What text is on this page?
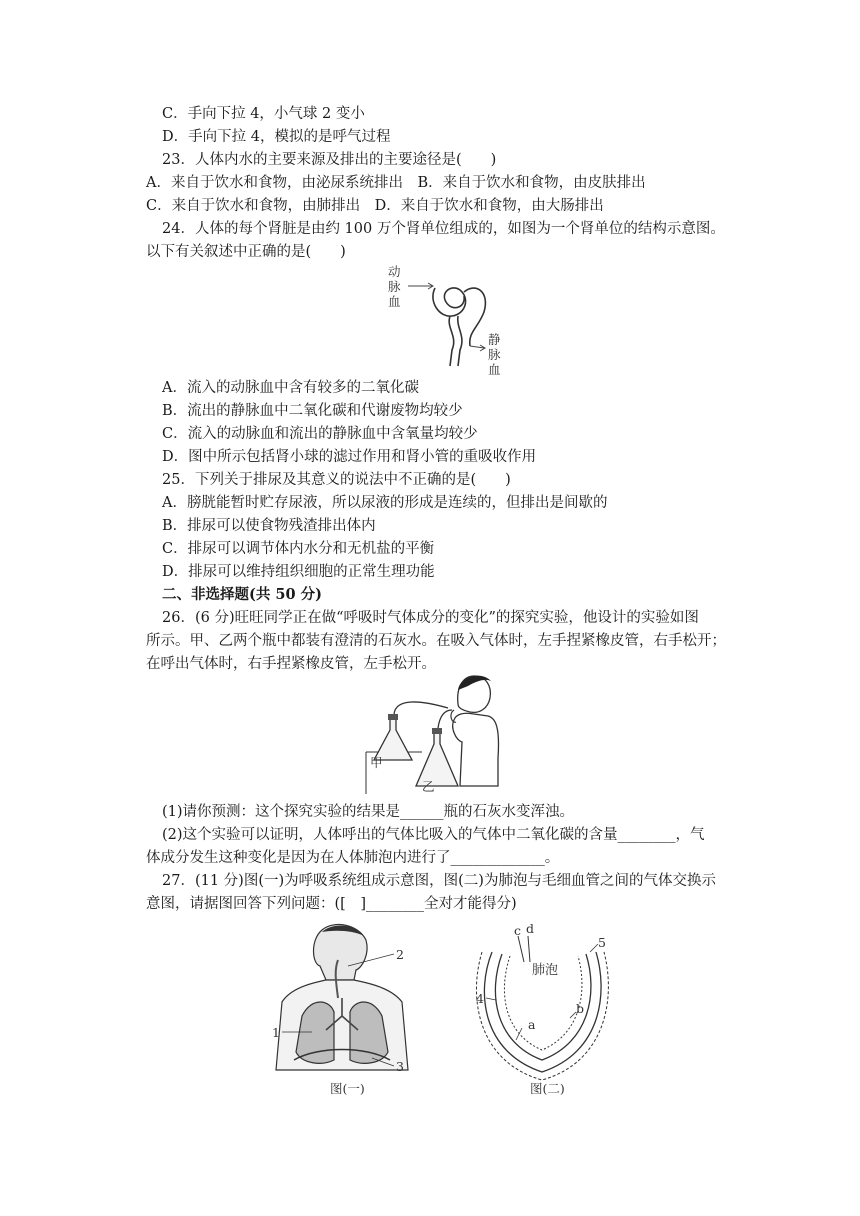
C．手向下拉 4，小气球 2 变小
D．手向下拉 4，模拟的是呼气过程
23．人体内水的主要来源及排出的主要途径是(　　)
A．来自于饮水和食物，由泌尿系统排出　B．来自于饮水和食物，由皮肤排出
C．来自于饮水和食物，由肺排出　D．来自于饮水和食物，由大肠排出
24．人体的每个肾脏是由约 100 万个肾单位组成的，如图为一个肾单位的结构示意图。
以下有关叙述中正确的是(　　)
动
脉
血
静
脉
血
A．流入的动脉血中含有较多的二氧化碳
B．流出的静脉血中二氧化碳和代谢废物均较少
C．流入的动脉血和流出的静脉血中含氧量均较少
D．图中所示包括肾小球的滤过作用和肾小管的重吸收作用
25．下列关于排尿及其意义的说法中不正确的是(　　)
A．膀胱能暂时贮存尿液，所以尿液的形成是连续的，但排出是间歇的
B．排尿可以使食物残渣排出体内
C．排尿可以调节体内水分和无机盐的平衡
D．排尿可以维持组织细胞的正常生理功能
二、非选择题(共 50 分)
26．(6 分)旺旺同学正在做“呼吸时气体成分的变化”的探究实验，他设计的实验如图
所示。甲、乙两个瓶中都装有澄清的石灰水。在吸入气体时，左手捏紧橡皮管，右手松开；
在呼出气体时，右手捏紧橡皮管，左手松开。
甲
乙
(1)请你预测：这个探究实验的结果是______瓶的石灰水变浑浊。
(2)这个实验可以证明，人体呼出的气体比吸入的气体中二氧化碳的含量________，气
体成分发生这种变化是因为在人体肺泡内进行了_____________。
27．(11 分)图(一)为呼吸系统组成示意图，图(二)为肺泡与毛细血管之间的气体交换示
意图，请据图回答下列问题：([　]________全对才能得分)
2
1
3
图(一)
c d
5
4
a
b
肺泡
图(二)
